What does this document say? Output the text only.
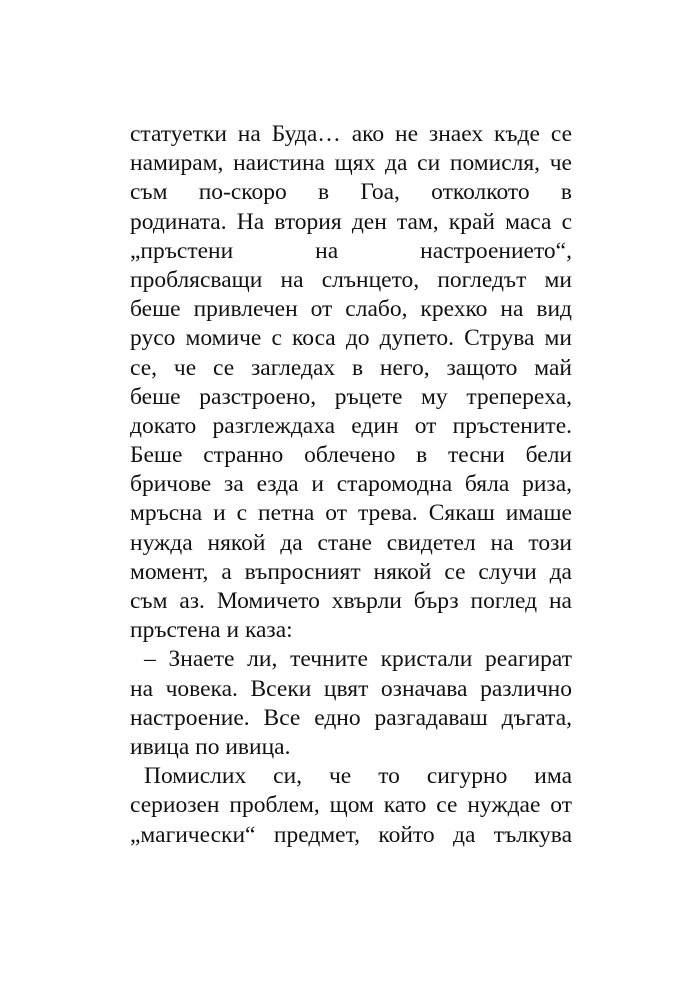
статуетки на Буда… ако не знаех къде се
намирам, наистина щях да си помисля, че
съм по-скоро в Гоа, отколкото в
родината. На втория ден там, край маса с
„пръстени на настроението“,
проблясващи на слънцето, погледът ми
беше привлечен от слабо, крехко на вид
русо момиче с коса до дупето. Струва ми
се, че се загледах в него, защото май
беше разстроено, ръцете му треперeха,
докато разглеждаха един от пръстените.
Беше странно облечено в тесни бели
бричове за езда и старомодна бяла риза,
мръсна и с петна от трева. Сякаш имаше
нужда някой да стане свидетел на този
момент, а въпросният някой се случи да
съм аз. Момичето хвърли бърз поглед на
пръстена и каза:
– Знаете ли, течните кристали реагират
на човека. Всеки цвят означава различно
настроение. Все едно разгадаваш дъгата,
ивица по ивица.
Помислих си, че то сигурно има
сериозен проблем, щом като се нуждае от
„магически“ предмет, който да тълкува
